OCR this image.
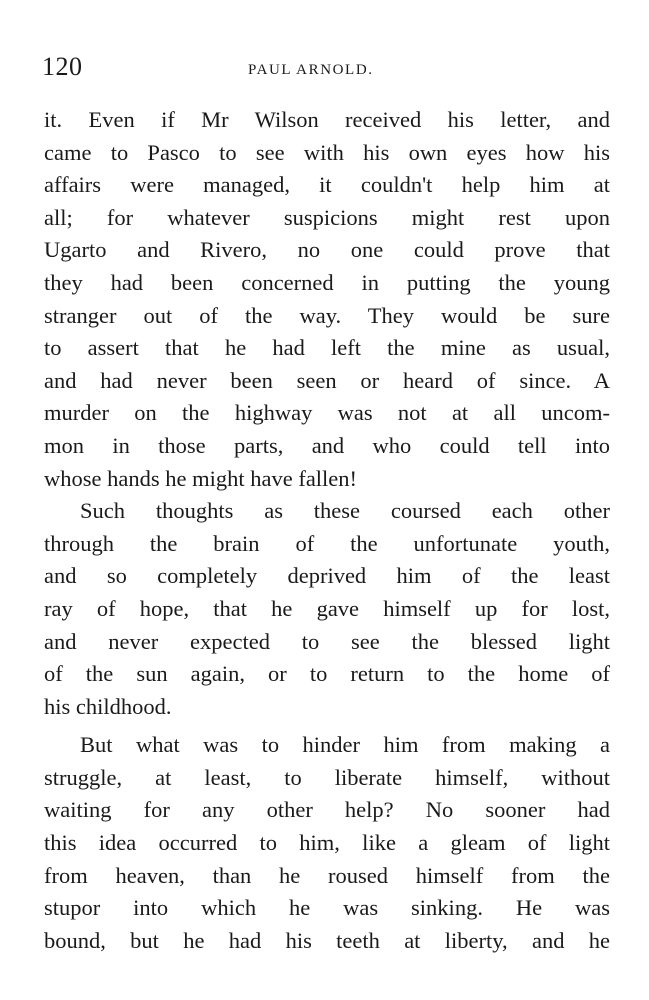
120	PAUL ARNOLD.
it. Even if Mr Wilson received his letter, and
came to Pasco to see with his own eyes how his
affairs were managed, it couldn't help him at
all; for whatever suspicions might rest upon
Ugarto and Rivero, no one could prove that
they had been concerned in putting the young
stranger out of the way. They would be sure
to assert that he had left the mine as usual,
and had never been seen or heard of since. A
murder on the highway was not at all uncom-
mon in those parts, and who could tell into
whose hands he might have fallen!
Such thoughts as these coursed each other
through the brain of the unfortunate youth,
and so completely deprived him of the least
ray of hope, that he gave himself up for lost,
and never expected to see the blessed light
of the sun again, or to return to the home of
his childhood.
But what was to hinder him from making a
struggle, at least, to liberate himself, without
waiting for any other help? No sooner had
this idea occurred to him, like a gleam of light
from heaven, than he roused himself from the
stupor into which he was sinking. He was
bound, but he had his teeth at liberty, and he
